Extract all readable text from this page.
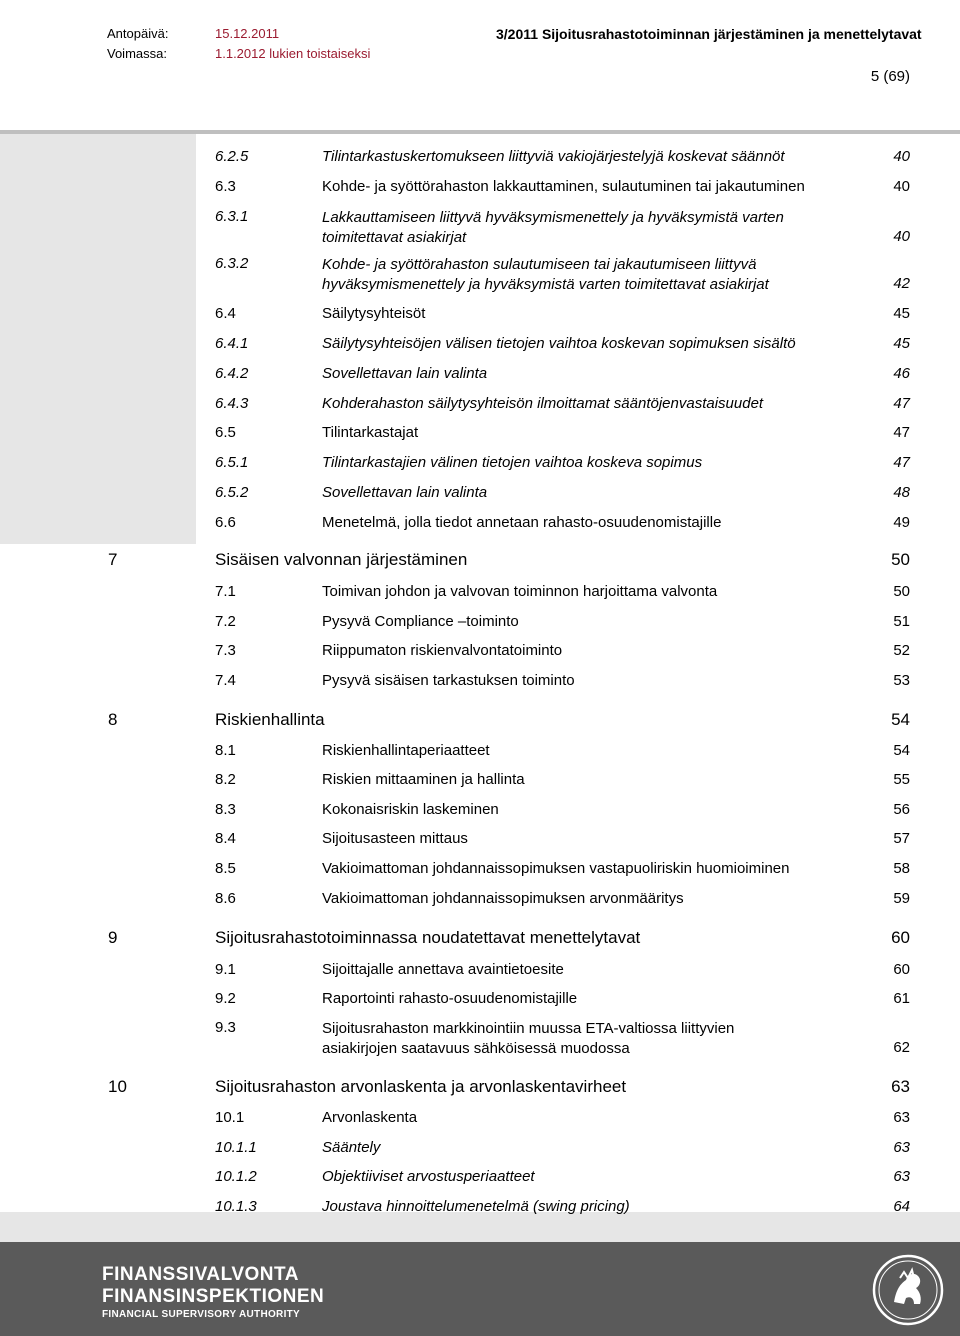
Antopäivä:	15.12.2011
Voimassa:	1.1.2012 lukien toistaiseksi
3/2011 Sijoitusrahastotoiminnan järjestäminen ja menettelytavat
5 (69)
6.2.5	Tilintarkastuskertomukseen liittyviä vakiojärjestelyjä koskevat säännöt	40
6.3	Kohde- ja syöttörahaston lakkauttaminen, sulautuminen tai jakautuminen	40
6.3.1	Lakkauttamiseen liittyvä hyväksymismenettely ja hyväksymistä varten
toimitettavat asiakirjat	40
6.3.2	Kohde- ja syöttörahaston sulautumiseen tai jakautumiseen liittyvä
hyväksymismenettely ja hyväksymistä varten toimitettavat asiakirjat	42
6.4	Säilytysyhteisöt	45
6.4.1	Säilytysyhteisöjen välisen tietojen vaihtoa koskevan sopimuksen sisältö	45
6.4.2	Sovellettavan lain valinta	46
6.4.3	Kohderahaston säilytysyhteisön ilmoittamat sääntöjenvastaisuudet	47
6.5	Tilintarkastajat	47
6.5.1	Tilintarkastajien välinen tietojen vaihtoa koskeva sopimus	47
6.5.2	Sovellettavan lain valinta	48
6.6	Menetelmä, jolla tiedot annetaan rahasto-osuudenomistajille	49
7	Sisäisen valvonnan järjestäminen	50
7.1	Toimivan johdon ja valvovan toiminnon harjoittama valvonta	50
7.2	Pysyvä Compliance –toiminto	51
7.3	Riippumaton riskienvalvontatoiminto	52
7.4	Pysyvä sisäisen tarkastuksen toiminto	53
8	Riskienhallinta	54
8.1	Riskienhallintaperiaatteet	54
8.2	Riskien mittaaminen ja hallinta	55
8.3	Kokonaisriskin laskeminen	56
8.4	Sijoitusasteen mittaus	57
8.5	Vakioimattoman johdannaissopimuksen vastapuoliriskin huomioiminen	58
8.6	Vakioimattoman johdannaissopimuksen arvonmääritys	59
9	Sijoitusrahastotoiminnassa noudatettavat menettelytavat	60
9.1	Sijoittajalle annettava avaintietoesite	60
9.2	Raportointi rahasto-osuudenomistajille	61
9.3	Sijoitusrahaston markkinointiin muussa ETA-valtiossa liittyvien
asiakirjojen saatavuus sähköisessä muodossa	62
10	Sijoitusrahaston arvonlaskenta ja arvonlaskentavirheet	63
10.1	Arvonlaskenta	63
10.1.1	Sääntely	63
10.1.2	Objektiiviset arvostusperiaatteet	63
10.1.3	Joustava hinnoittelumenetelmä (swing pricing)	64
FINANSSIVALVONTA
FINANSINSPEKTIONEN
FINANCIAL SUPERVISORY AUTHORITY
